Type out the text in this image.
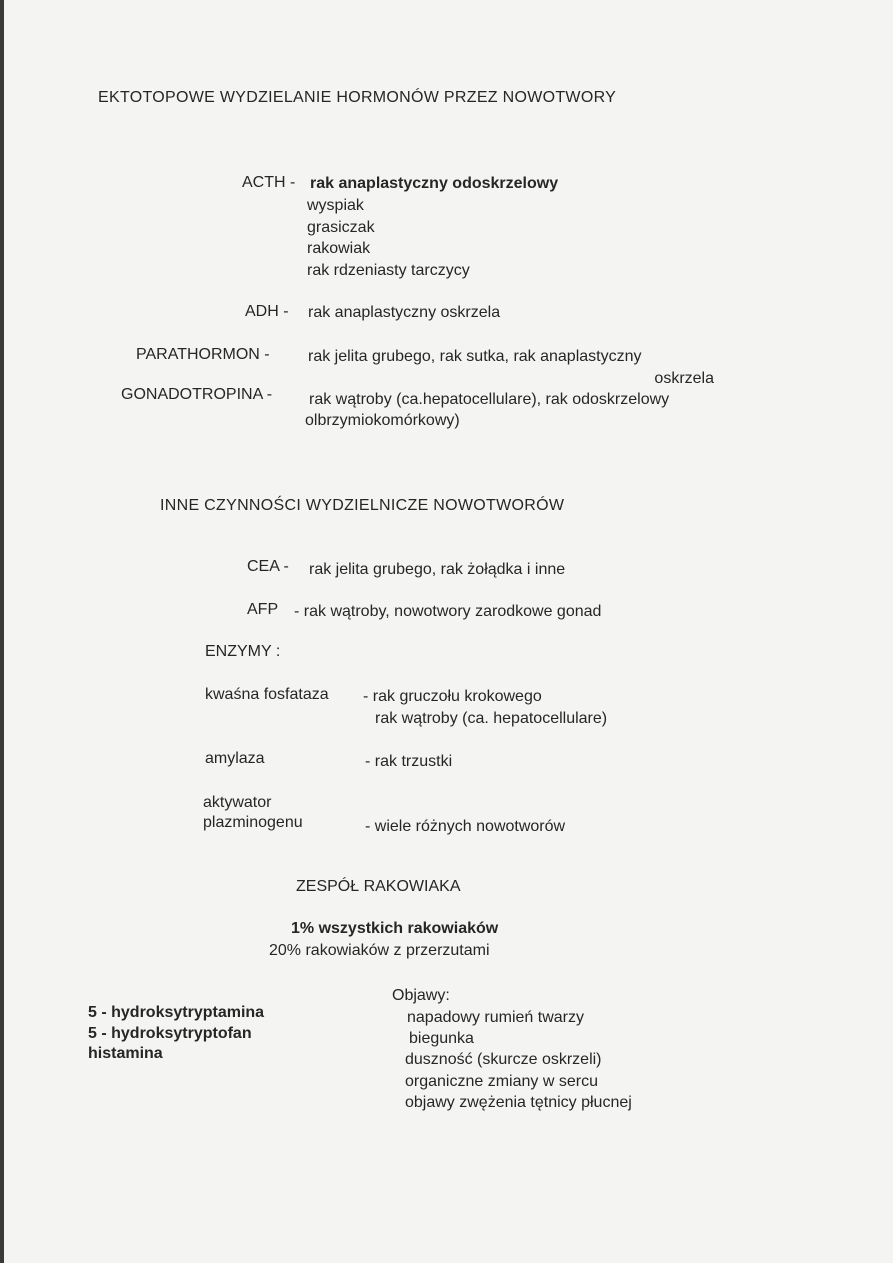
EKTOTOPOWE WYDZIELANIE HORMONÓW PRZEZ NOWOTWORY
ACTH - rak anaplastyczny odoskrzelowy
wyspiak
grasiczak
rakowiak
rak rdzeniasty tarczycy
ADH - rak anaplastyczny oskrzela
PARATHORMON - rak jelita grubego, rak sutka, rak anaplastyczny
oskrzela
GONADOTROPINA - rak wątroby (ca.hepatocellulare), rak odoskrzelowy
olbrzymiokomórkowy)
INNE CZYNNOŚCI WYDZIELNICZE NOWOTWORÓW
CEA - rak jelita grubego, rak żołądka i inne
AFP - rak wątroby, nowotwory zarodkowe gonad
ENZYMY :
kwaśna fosfataza - rak gruczołu krokowego
rak wątroby (ca. hepatocellulare)
amylaza	- rak trzustki
aktywator
plazminogenu	- wiele różnych nowotworów
ZESPÓŁ RAKOWIAKA
1% wszystkich rakowiaków
20% rakowiaków z przerzutami
5 - hydroksytryptamina
5 - hydroksytryptofan
histamina
Objawy:
napadowy rumień twarzy
biegunka
duszność (skurcze oskrzeli)
organiczne zmiany w sercu
objawy zwężenia tętnicy płucnej
